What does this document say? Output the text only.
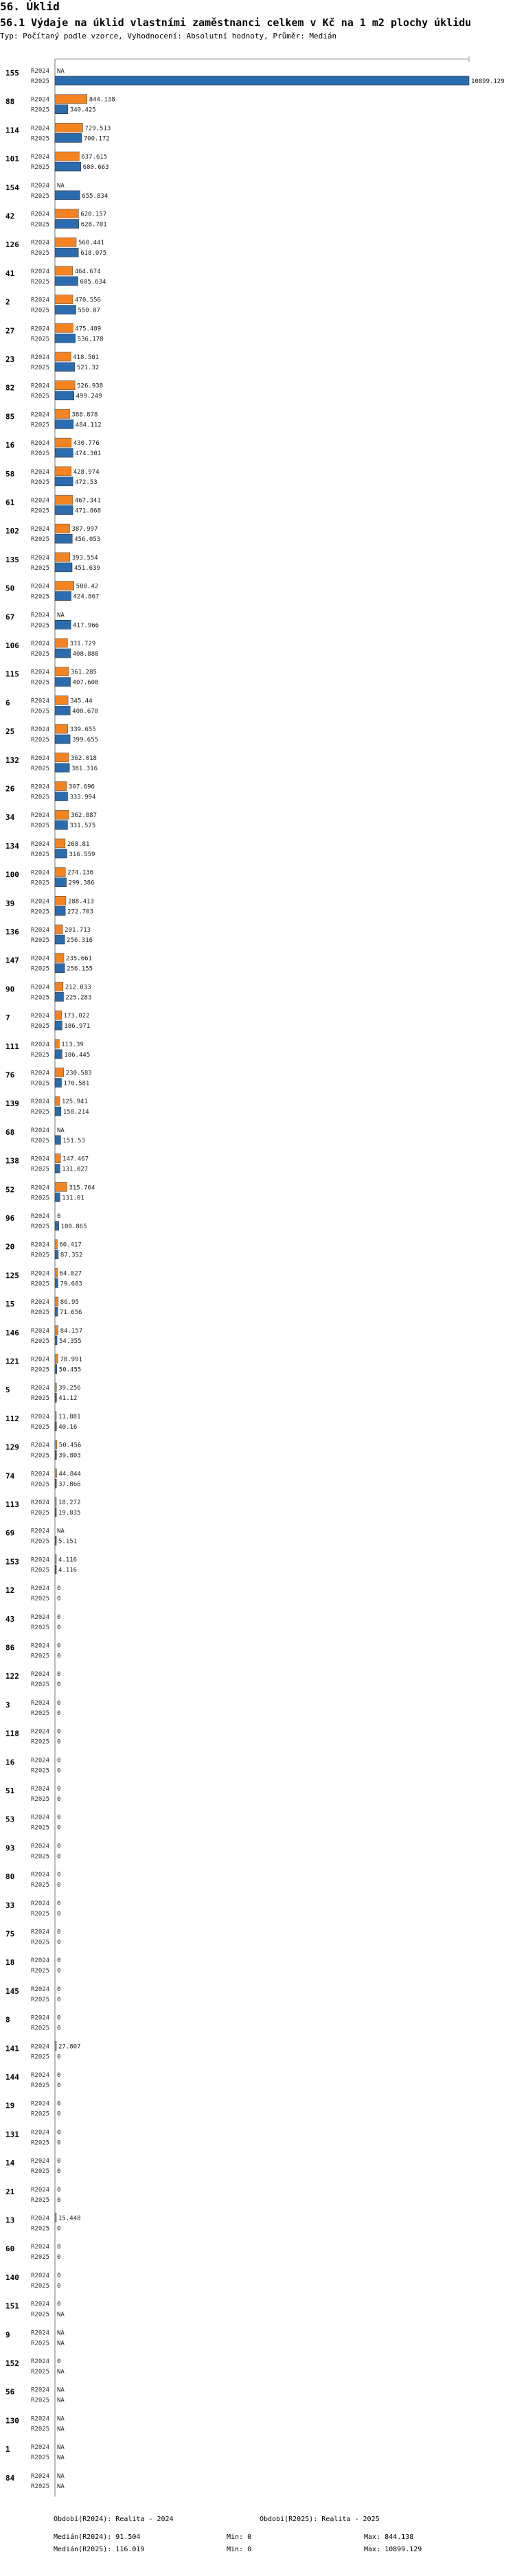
56. Úklid
56.1 Výdaje na úklid vlastními zaměstnanci celkem v Kč na 1 m2 plochy úklidu
Typ: Počítaný podle vzorce, Vyhodnocení: Absolutní hodnoty, Průměr: Medián
155 R2024
R2025
NA
10899.129
88	R2024
R2025
844.138
340.425
114 R2024
R2025
729.513
700.172
101 R2024
R2025
637.615
680.663
154 R2024
R2025
NA
655.834
42	R2024
R2025
620.157
628.701
126 R2024
R2025
560.441
618.075
41	R2024
R2025
464.674
605.634
2	R2024
R2025
470.556
550.87
27	R2024
R2025
475.489
536.178
23	R2024
R2025
418.501
521.32
82	R2024
R2025
526.938
499.249
85	R2024
R2025
388.878
484.112
16	R2024
R2025
430.776
474.301
58	R2024
R2025
428.974
472.53
61	R2024
R2025
467.341
471.868
102 R2024
R2025
387.997
456.053
135 R2024
R2025
393.554
451.639
50	R2024
R2025
500.42
424.867
67	R2024
R2025
NA
417.966
106 R2024
R2025
331.729
408.888
115 R2024
R2025
361.285
407.608
6	R2024
R2025
345.44
400.678
25	R2024
R2025
339.655
399.655
132 R2024
R2025
362.018
381.316
26	R2024
R2025
307.696
333.994
34	R2024
R2025
362.887
331.575
134 R2024
R2025
268.81
316.559
100 R2024
R2025
274.136
299.386
39	R2024
R2025
288.413
272.703
136 R2024
R2025
201.713
256.316
147 R2024
R2025
235.661
256.155
90	R2024
R2025
212.033
225.283
7	R2024
R2025
173.022
186.971
111 R2024
R2025
113.39
186.445
76	R2024
R2025
230.583
170.581
139 R2024
R2025
125.941
158.214
68	R2024
R2025
NA
151.53
138 R2024
R2025
147.467
131.027
52	R2024
R2025
315.764
131.01
96	R2024
R2025
0
100.865
20	R2024
R2025
60.417
87.352
125 R2024
R2025
64.027
79.683
15	R2024
R2025
86.95
71.656
146 R2024
R2025
84.157
54.355
121 R2024
R2025
78.991
50.455
5	R2024
R2025
39.256
41.12
112 R2024
R2025
11.881
40.16
129 R2024
R2025
50.456
39.803
74	R2024
R2025
44.844
37.866
113 R2024
R2025
18.272
19.835
69	R2024
R2025
NA
5.151
153 R2024
R2025
4.116
4.116
12	R2024
R2025
0
0
43	R2024
R2025
0
0
86	R2024
R2025
0
0
122 R2024
R2025
0
0
3	R2024
R2025
0
0
118 R2024
R2025
0
0
16	R2024
R2025
0
0
51	R2024
R2025
0
0
53	R2024
R2025
0
0
93	R2024
R2025
0
0
80	R2024
R2025
0
0
33	R2024
R2025
0
0
75	R2024
R2025
0
0
18	R2024
R2025
0
0
145 R2024
R2025
0
0
8	R2024
R2025
0
0
141 R2024
R2025
27.807
0
144 R2024
R2025
0
0
19	R2024
R2025
0
0
131 R2024
R2025
0
0
14	R2024
R2025
0
0
21	R2024
R2025
0
0
13	R2024
R2025
15.448
0
60	R2024
R2025
0
0
140 R2024
R2025
0
0
151 R2024
R2025
0
NA
9	R2024
R2025
NA
NA
152 R2024
R2025
0
NA
56	R2024
R2025
NA
NA
130 R2024
R2025
NA
NA
1	R2024
R2025
NA
NA
84	R2024
R2025
NA
NA
Období(R2024): Realita - 2024	Období(R2025): Realita - 2025
Medián(R2024): 91.504	Min: 0	Max: 844.138
Medián(R2025): 116.019	Min: 0	Max: 10899.129
